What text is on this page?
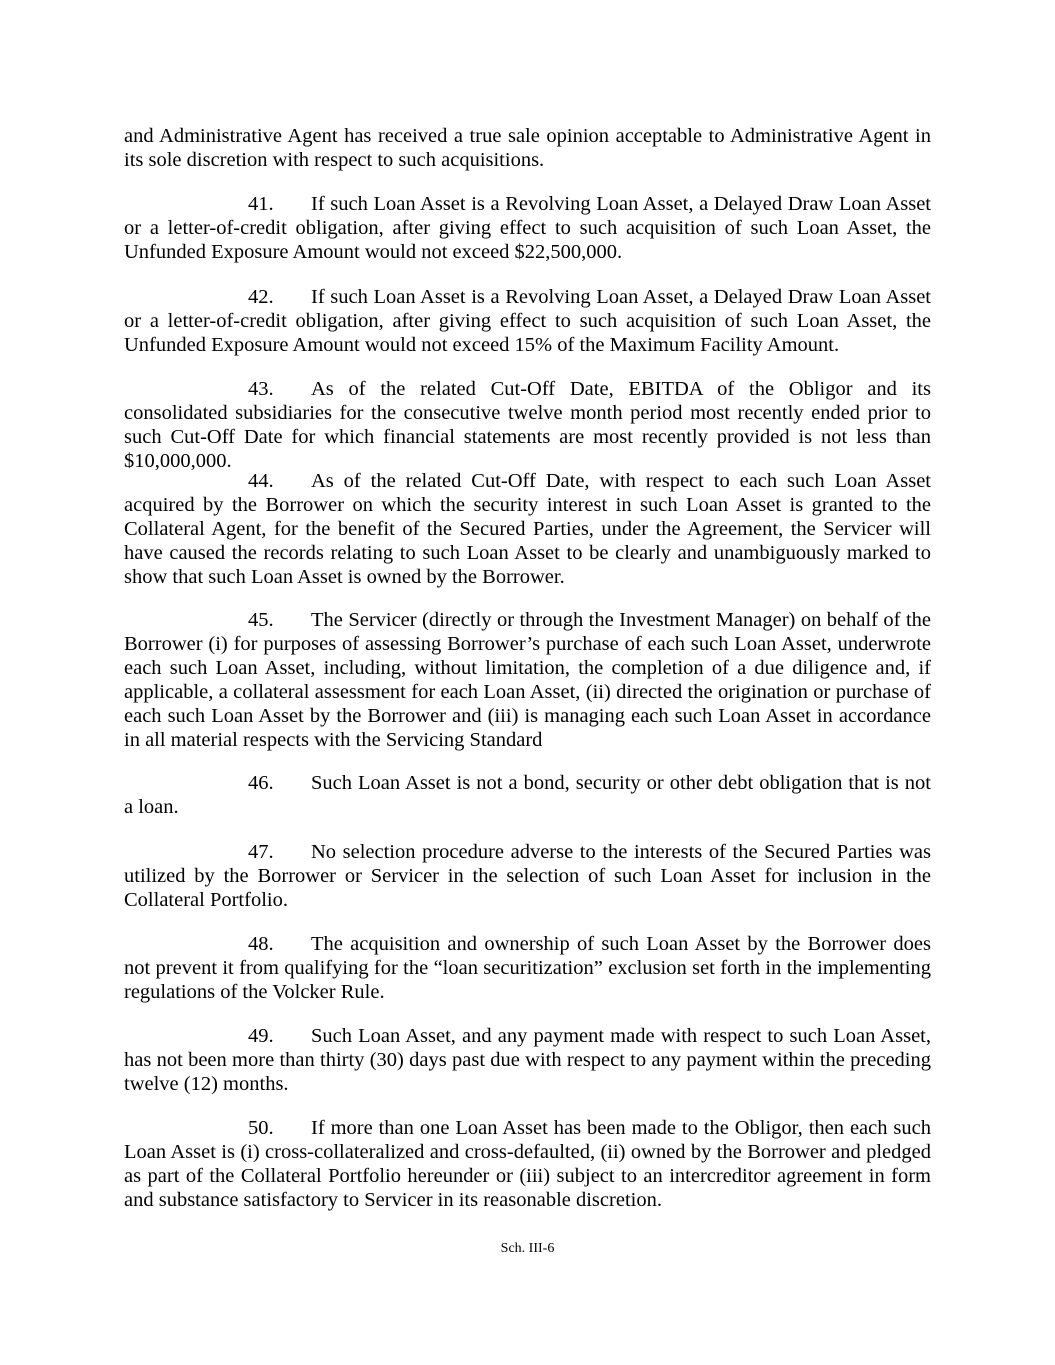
and Administrative Agent has received a true sale opinion acceptable to Administrative Agent in its sole discretion with respect to such acquisitions.

41. If such Loan Asset is a Revolving Loan Asset, a Delayed Draw Loan Asset or a letter-of-credit obligation, after giving effect to such acquisition of such Loan Asset, the Unfunded Exposure Amount would not exceed $22,500,000.

42. If such Loan Asset is a Revolving Loan Asset, a Delayed Draw Loan Asset or a letter-of-credit obligation, after giving effect to such acquisition of such Loan Asset, the Unfunded Exposure Amount would not exceed 15% of the Maximum Facility Amount.

43. As of the related Cut-Off Date, EBITDA of the Obligor and its consolidated subsidiaries for the consecutive twelve month period most recently ended prior to such Cut-Off Date for which financial statements are most recently provided is not less than $10,000,000.

44. As of the related Cut-Off Date, with respect to each such Loan Asset acquired by the Borrower on which the security interest in such Loan Asset is granted to the Collateral Agent, for the benefit of the Secured Parties, under the Agreement, the Servicer will have caused the records relating to such Loan Asset to be clearly and unambiguously marked to show that such Loan Asset is owned by the Borrower.

45. The Servicer (directly or through the Investment Manager) on behalf of the Borrower (i) for purposes of assessing Borrower’s purchase of each such Loan Asset, underwrote each such Loan Asset, including, without limitation, the completion of a due diligence and, if applicable, a collateral assessment for each Loan Asset, (ii) directed the origination or purchase of each such Loan Asset by the Borrower and (iii) is managing each such Loan Asset in accordance in all material respects with the Servicing Standard

46. Such Loan Asset is not a bond, security or other debt obligation that is not a loan.

47. No selection procedure adverse to the interests of the Secured Parties was utilized by the Borrower or Servicer in the selection of such Loan Asset for inclusion in the Collateral Portfolio.

48. The acquisition and ownership of such Loan Asset by the Borrower does not prevent it from qualifying for the “loan securitization” exclusion set forth in the implementing regulations of the Volcker Rule.

49. Such Loan Asset, and any payment made with respect to such Loan Asset, has not been more than thirty (30) days past due with respect to any payment within the preceding twelve (12) months.

50. If more than one Loan Asset has been made to the Obligor, then each such Loan Asset is (i) cross-collateralized and cross-defaulted, (ii) owned by the Borrower and pledged as part of the Collateral Portfolio hereunder or (iii) subject to an intercreditor agreement in form and substance satisfactory to Servicer in its reasonable discretion.

Sch. III-6
